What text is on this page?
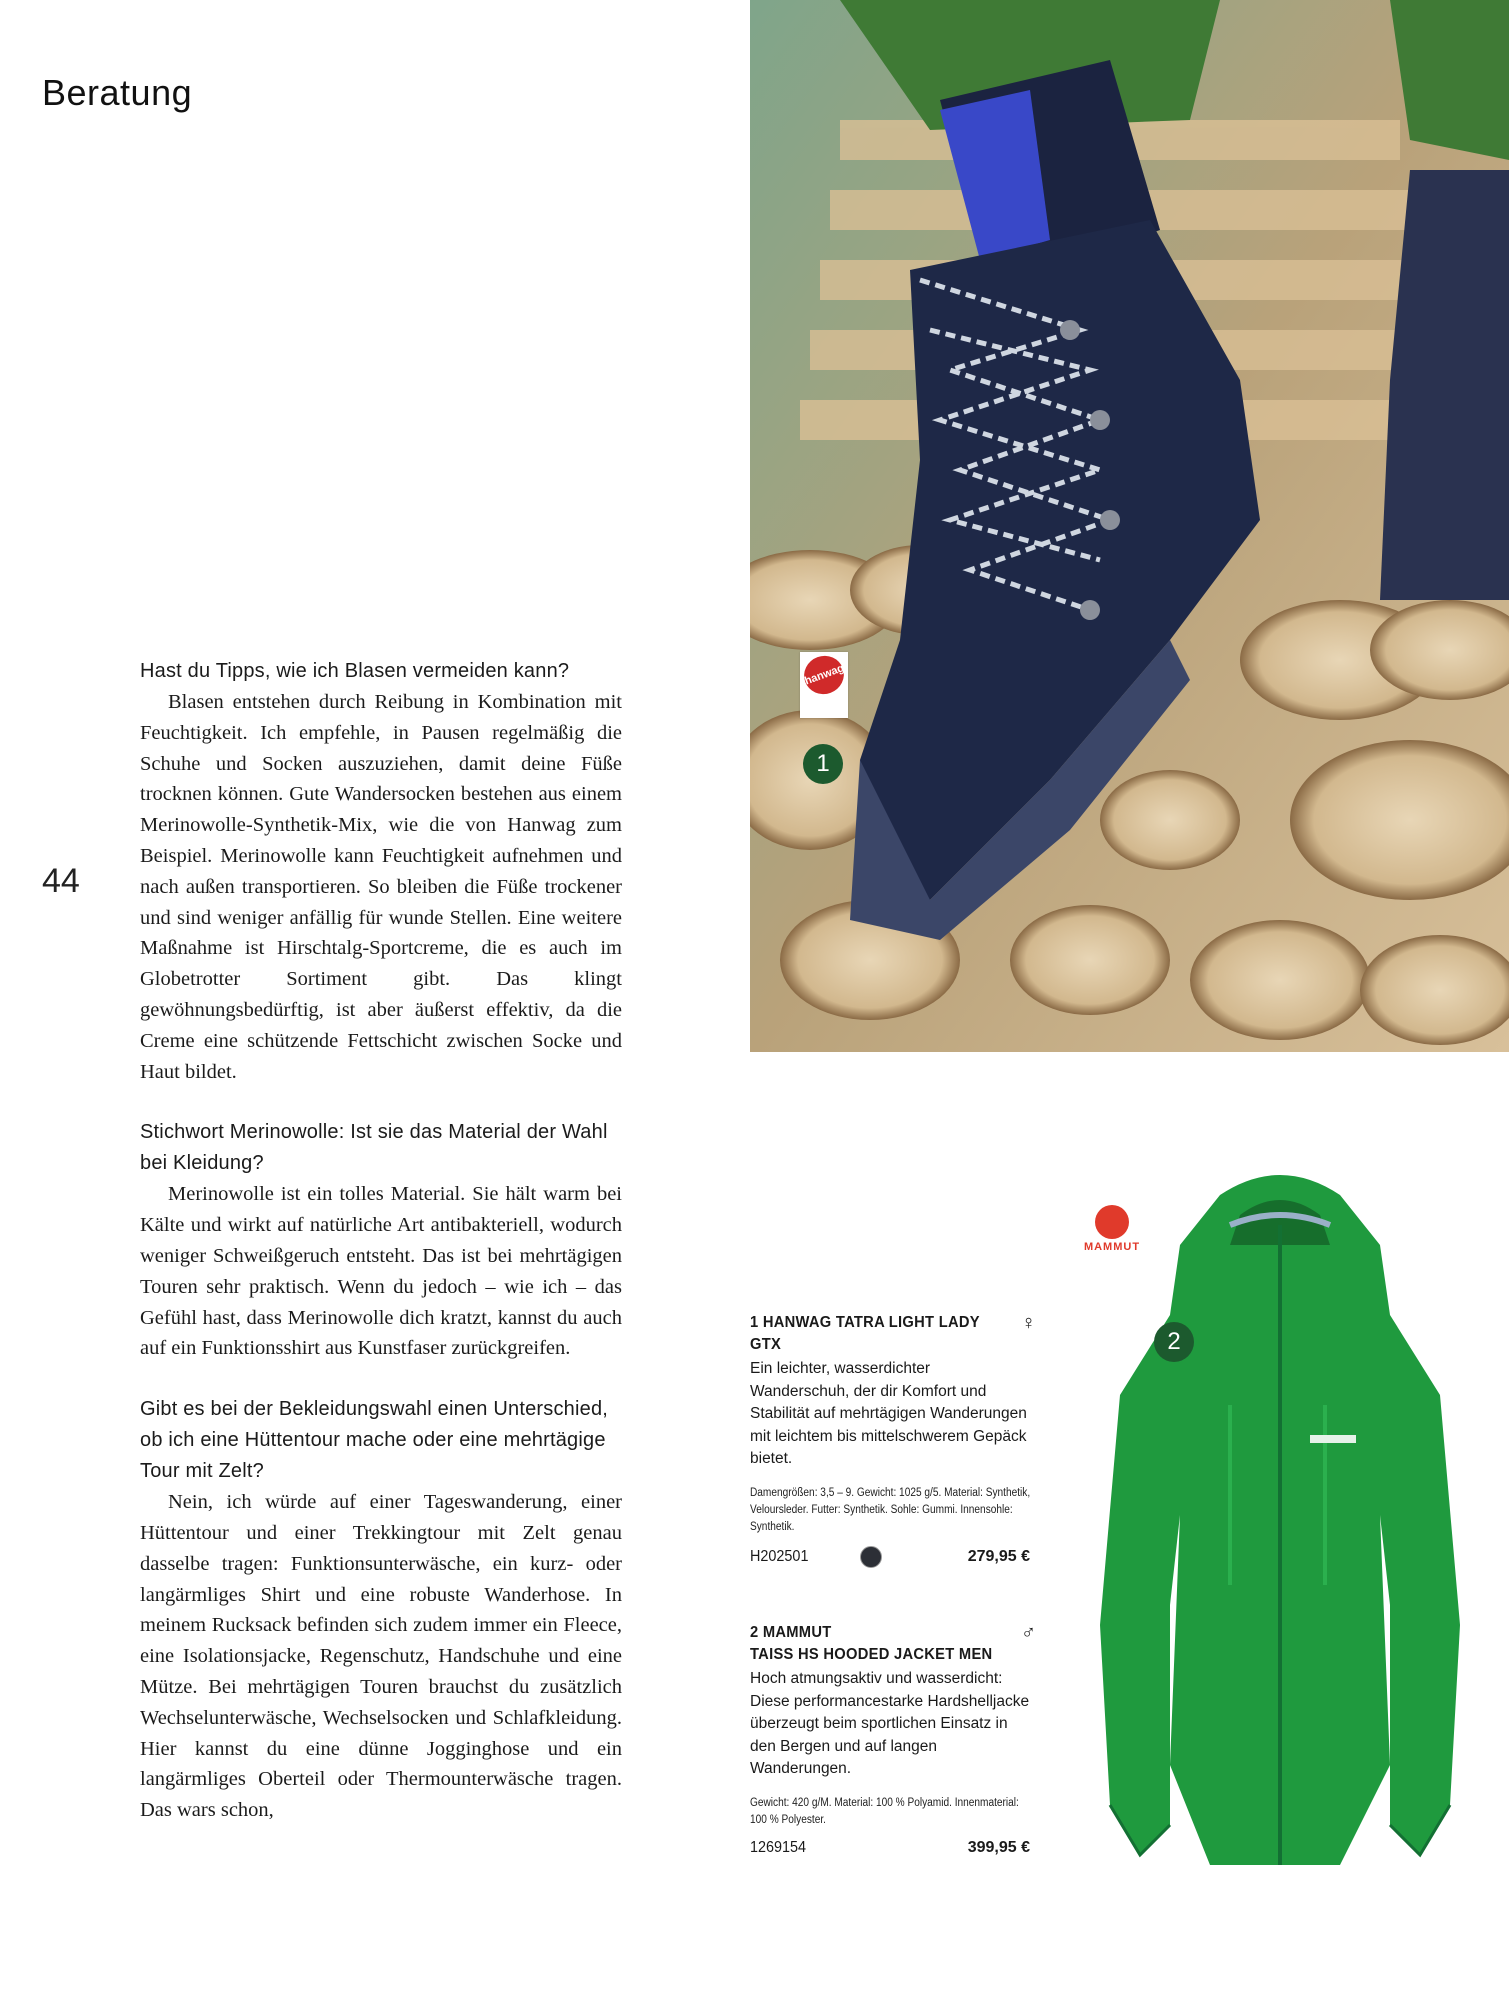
Beratung
44

Hast du Tipps, wie ich Blasen vermeiden kann?

Blasen entstehen durch Reibung in Kombination mit Feuchtigkeit. Ich empfehle, in Pausen regelmäßig die Schuhe und Socken auszuziehen, damit deine Füße trocknen können. Gute Wandersocken bestehen aus einem Merinowolle-Synthetik-Mix, wie die von Hanwag zum Beispiel. Merinowolle kann Feuchtigkeit aufnehmen und nach außen transportieren. So bleiben die Füße trockener und sind weniger anfällig für wunde Stellen. Eine weitere Maßnahme ist Hirschtalg-Sportcreme, die es auch im Globetrotter Sortiment gibt. Das klingt gewöhnungsbedürftig, ist aber äußerst effektiv, da die Creme eine schützende Fettschicht zwischen Socke und Haut bildet.

Stichwort Merinowolle: Ist sie das Material der Wahl bei Kleidung?

Merinowolle ist ein tolles Material. Sie hält warm bei Kälte und wirkt auf natürliche Art antibakteriell, wodurch weniger Schweißgeruch entsteht. Das ist bei mehrtägigen Touren sehr praktisch. Wenn du jedoch – wie ich – das Gefühl hast, dass Merinowolle dich kratzt, kannst du auch auf ein Funktionsshirt aus Kunstfaser zurückgreifen.

Gibt es bei der Bekleidungswahl einen Unterschied, ob ich eine Hüttentour mache oder eine mehrtägige Tour mit Zelt?

Nein, ich würde auf einer Tageswanderung, einer Hüttentour und einer Trekkingtour mit Zelt genau dasselbe tragen: Funktionsunterwäsche, ein kurz- oder langärmliges Shirt und eine robuste Wanderhose. In meinem Rucksack befinden sich zudem immer ein Fleece, eine Isolationsjacke, Regenschutz, Handschuhe und eine Mütze. Bei mehrtägigen Touren brauchst du zusätzlich Wechselunterwäsche, Wechselsocken und Schlafkleidung. Hier kannst du eine dünne Jogginghose und ein langärmliges Oberteil oder Thermounterwäsche tragen. Das wars schon,

hanwag
1
MAMMUT
2
1 HANWAG TATRA LIGHT LADY GTX
♀
Ein leichter, wasserdichter Wanderschuh, der dir Komfort und Stabilität auf mehrtägigen Wanderungen mit leichtem bis mittelschwerem Gepäck bietet.
Damengrößen: 3,5 – 9. Gewicht: 1025 g/5. Material: Synthetik, Veloursleder. Futter: Synthetik. Sohle: Gummi. Innensohle: Synthetik.
H202501	279,95 €
2 MAMMUT
TAISS HS HOODED JACKET MEN
♂
Hoch atmungsaktiv und wasserdicht: Diese performancestarke Hardshelljacke überzeugt beim sportlichen Einsatz in den Bergen und auf langen Wanderungen.
Gewicht: 420 g/M. Material: 100 % Polyamid. Innenmaterial: 100 % Polyester.
1269154	399,95 €
